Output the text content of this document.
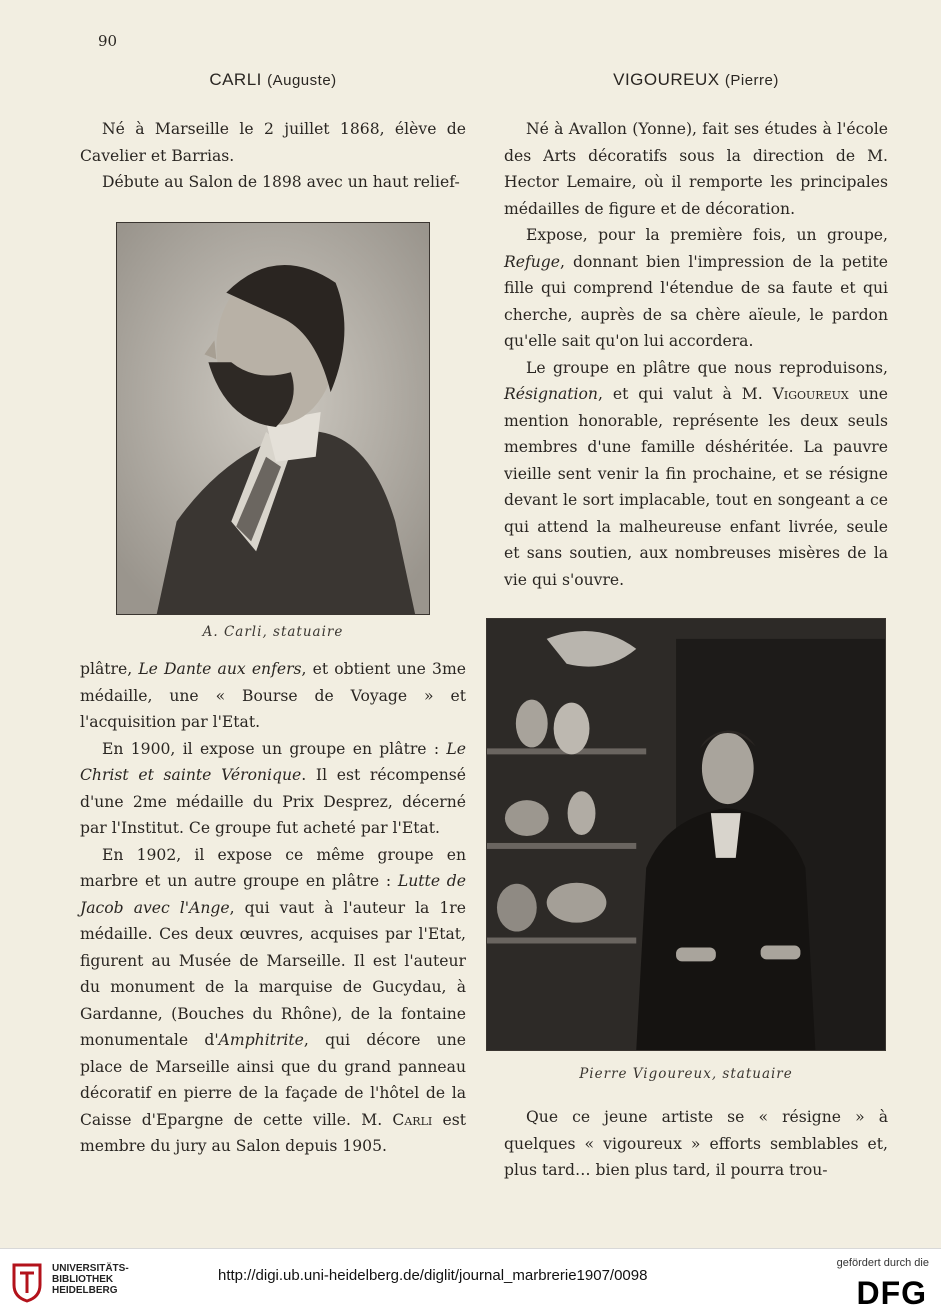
90
CARLI (Auguste)

Né à Marseille le 2 juillet 1868, élève de Cavelier et Barrias.

Débute au Salon de 1898 avec un haut relief-

A. Carli, statuaire

plâtre, Le Dante aux enfers, et obtient une 3me médaille, une « Bourse de Voyage » et l'acquisition par l'Etat.

En 1900, il expose un groupe en plâtre : Le Christ et sainte Véronique. Il est récompensé d'une 2me médaille du Prix Desprez, décerné par l'Institut. Ce groupe fut acheté par l'Etat.

En 1902, il expose ce même groupe en marbre et un autre groupe en plâtre : Lutte de Jacob avec l'Ange, qui vaut à l'auteur la 1re médaille. Ces deux œuvres, acquises par l'Etat, figurent au Musée de Marseille. Il est l'auteur du monument de la marquise de Gucydau, à Gardanne, (Bouches du Rhône), de la fontaine monumentale d'Amphitrite, qui décore une place de Marseille ainsi que du grand panneau décoratif en pierre de la façade de l'hôtel de la Caisse d'Epargne de cette ville. M. Carli est membre du jury au Salon depuis 1905.

VIGOUREUX (Pierre)

Né à Avallon (Yonne), fait ses études à l'école des Arts décoratifs sous la direction de M. Hector Lemaire, où il remporte les principales médailles de figure et de décoration.

Expose, pour la première fois, un groupe, Refuge, donnant bien l'impression de la petite fille qui comprend l'étendue de sa faute et qui cherche, auprès de sa chère aïeule, le pardon qu'elle sait qu'on lui accordera.

Le groupe en plâtre que nous reproduisons, Résignation, et qui valut à M. Vigoureux une mention honorable, représente les deux seuls membres d'une famille déshéritée. La pauvre vieille sent venir la fin prochaine, et se résigne devant le sort implacable, tout en songeant a ce qui attend la malheureuse enfant livrée, seule et sans soutien, aux nombreuses misères de la vie qui s'ouvre.

Pierre Vigoureux, statuaire

Que ce jeune artiste se « résigne » à quelques « vigoureux » efforts semblables et, plus tard… bien plus tard, il pourra trou-

UNIVERSITÄTS-
BIBLIOTHEK
HEIDELBERG
http://digi.ub.uni-heidelberg.de/diglit/journal_marbrerie1907/0098
gefördert durch die
DFG
